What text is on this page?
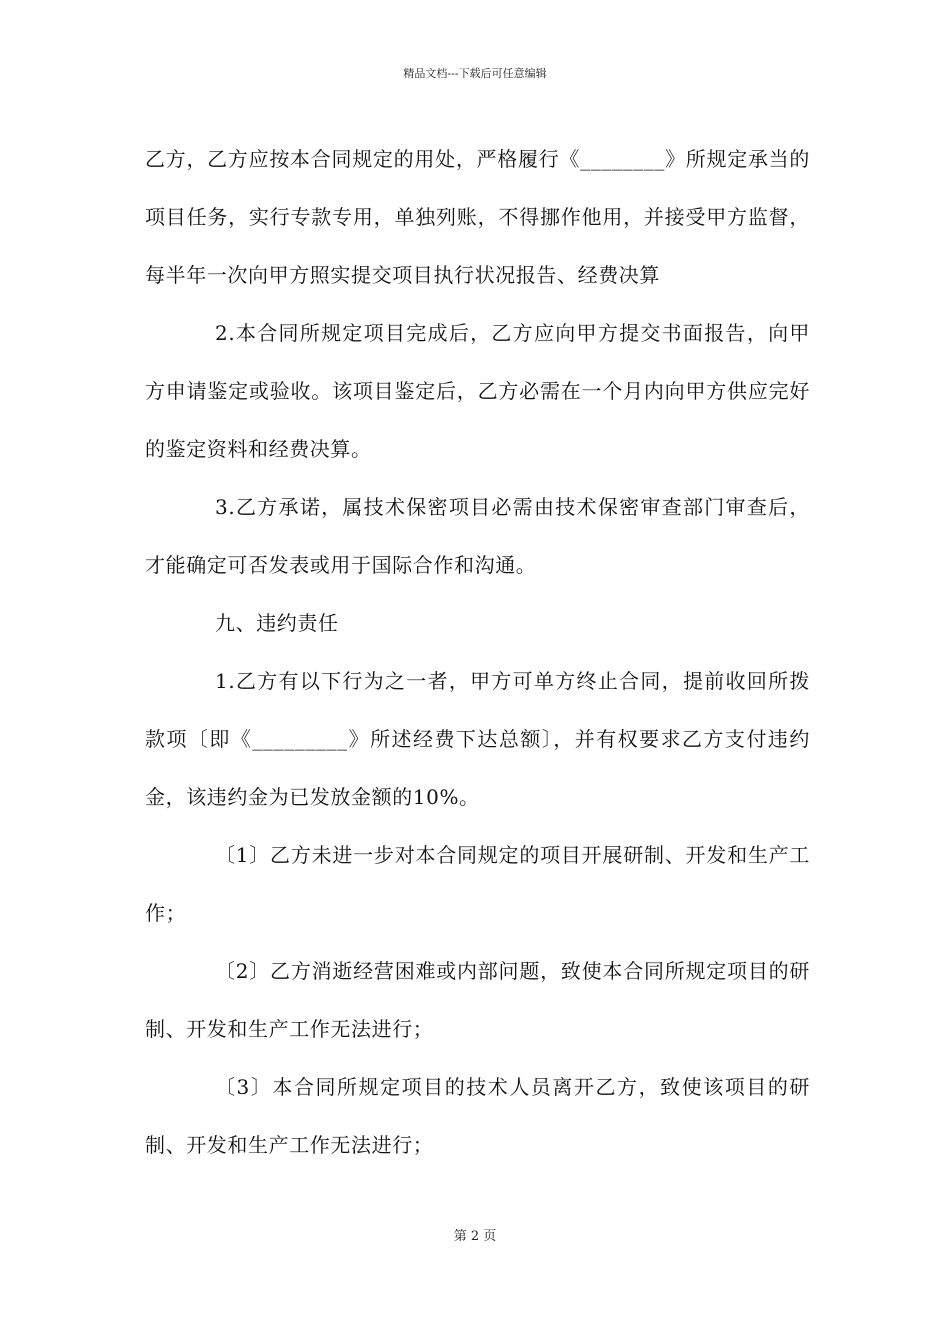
精品文档---下载后可任意编辑

乙方，乙方应按本合同规定的用处，严格履行《________》所规定承当的项目任务，实行专款专用，单独列账，不得挪作他用，并接受甲方监督，每半年一次向甲方照实提交项目执行状况报告、经费决算

2.本合同所规定项目完成后，乙方应向甲方提交书面报告，向甲方申请鉴定或验收。该项目鉴定后，乙方必需在一个月内向甲方供应完好的鉴定资料和经费决算。

3.乙方承诺，属技术保密项目必需由技术保密审查部门审查后，才能确定可否发表或用于国际合作和沟通。

九、违约责任

1.乙方有以下行为之一者，甲方可单方终止合同，提前收回所拨款项〔即《_________》所述经费下达总额〕，并有权要求乙方支付违约金，该违约金为已发放金额的10%。

〔1〕乙方未进一步对本合同规定的项目开展研制、开发和生产工作；

〔2〕乙方消逝经营困难或内部问题，致使本合同所规定项目的研制、开发和生产工作无法进行；

〔3〕本合同所规定项目的技术人员离开乙方，致使该项目的研制、开发和生产工作无法进行；

第 2 页
